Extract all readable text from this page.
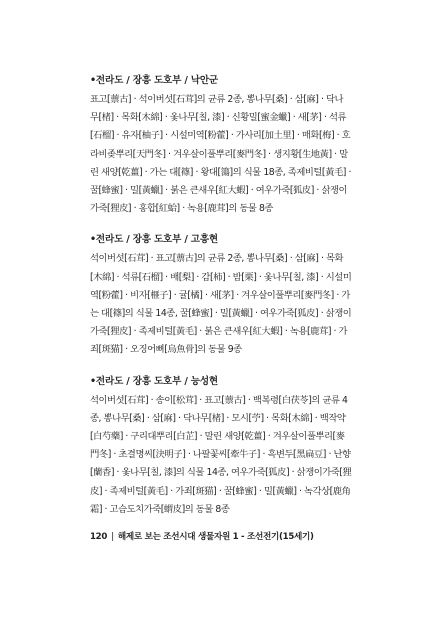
•전라도 / 장흥 도호부 / 낙안군
표고[蔈古] · 석이버섯[石茸]의 균류 2종, 뽕나무[桑] · 삼[麻] · 닥나
무[楮] · 목화[木綿] · 옻나무[칠, 漆] · 신황밀[蜜金蠟] · 새[茅] · 석류
[石榴] · 유자[柚子] · 시설미역[粉藿] · 가사리[加土里] · 매화[梅] · 호
라비좆뿌리[天門冬] · 겨우살이풀뿌리[麥門冬] · 생지황[生地黃] · 말
린 새양[乾薑] · 가는 대[篠] · 왕대[簜]의 식물 18종, 족제비털[黃毛] ·
꿀[蜂蜜] · 밀[黃蠟] · 붉은 큰새우[紅大蝦] · 여우가죽[狐皮] · 삵쟁이
가죽[狸皮] · 홍합[紅蛤] · 녹용[鹿茸]의 동물 8종
•전라도 / 장흥 도호부 / 고흥현
석이버섯[石茸] · 표고[蔈古]의 균류 2종, 뽕나무[桑] · 삼[麻] · 목화
[木綿] · 석류[石榴] · 배[梨] · 감[柿] · 밤[栗] · 옻나무[칠, 漆] · 시설미
역[粉藿] · 비자[榧子] · 귤[橘] · 새[茅] · 겨우살이풀뿌리[麥門冬] · 가
는 대[篠]의 식물 14종, 꿀[蜂蜜] · 밀[黃蠟] · 여우가죽[狐皮] · 삵쟁이
가죽[狸皮] · 족제비털[黃毛] · 붉은 큰새우[紅大蝦] · 녹용[鹿茸] · 가
죄[斑猫] · 오징어뼈[烏魚骨]의 동물 9종
•전라도 / 장흥 도호부 / 능성현
석이버섯[石茸] · 송이[松茸] · 표고[蔈古] · 백복령[白茯苓]의 균류 4
종, 뽕나무[桑] · 삼[麻] · 닥나무[楮] · 모시[苧] · 목화[木綿] · 백작약
[白芍藥] · 구리대뿌리[白芷] · 말린 새양[乾薑] · 겨우살이풀뿌리[麥
門冬] · 초결명씨[決明子] · 나팔꽃씨[牽牛子] · 흑변두[黑扁豆] · 난향
[蘭香] · 옻나무[칠, 漆]의 식물 14종, 여우가죽[狐皮] · 삵쟁이가죽[狸
皮] · 족제비털[黃毛] · 가죄[斑猫] · 꿀[蜂蜜] · 밀[黃蠟] · 녹각상[鹿角
霜] · 고슴도치가죽[蝟皮]의 동물 8종
120 | 해제로 보는 조선시대 생물자원 1 - 조선전기(15세기)
